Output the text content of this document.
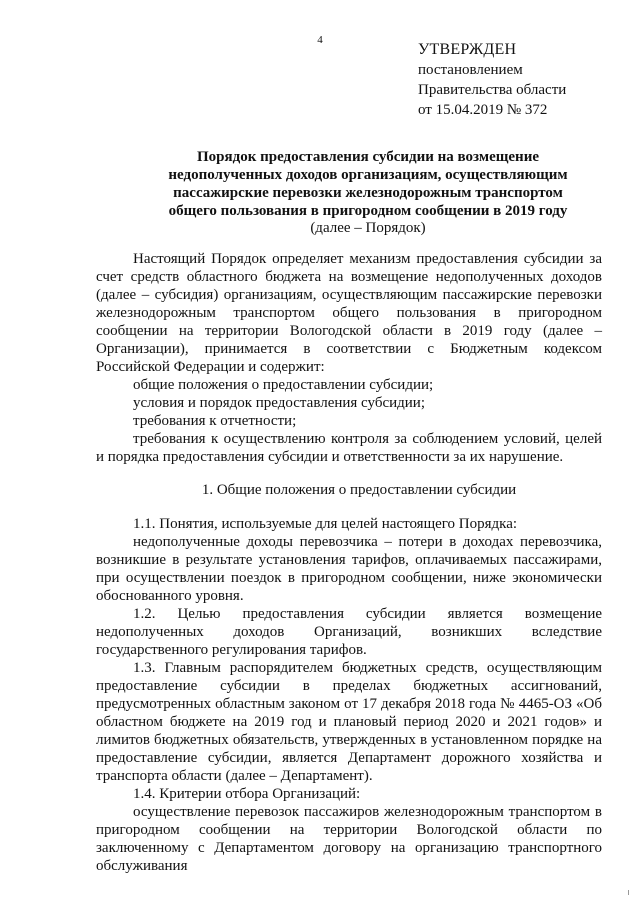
4
УТВЕРЖДЕН
постановлением
Правительства области
от 15.04.2019 № 372
Порядок предоставления субсидии на возмещение
недополученных доходов организациям, осуществляющим
пассажирские перевозки железнодорожным транспортом
общего пользования в пригородном сообщении в 2019 году
(далее – Порядок)

Настоящий Порядок определяет механизм предоставления субсидии за счет средств областного бюджета на возмещение недополученных доходов (далее – субсидия) организациям, осуществляющим пассажирские перевозки железнодорожным транспортом общего пользования в пригородном сообщении на территории Вологодской области в 2019 году (далее – Организации), принимается в соответствии с Бюджетным кодексом Российской Федерации и содержит:

общие положения о предоставлении субсидии;

условия и порядок предоставления субсидии;

требования к отчетности;

требования к осуществлению контроля за соблюдением условий, целей и порядка предоставления субсидии и ответственности за их нарушение.

1. Общие положения о предоставлении субсидии

1.1. Понятия, используемые для целей настоящего Порядка:

недополученные доходы перевозчика – потери в доходах перевозчика, возникшие в результате установления тарифов, оплачиваемых пассажирами, при осуществлении поездок в пригородном сообщении, ниже экономически обоснованного уровня.

1.2. Целью предоставления субсидии является возмещение недополученных доходов Организаций, возникших вследствие государственного регулирования тарифов.

1.3. Главным распорядителем бюджетных средств, осуществляющим предоставление субсидии в пределах бюджетных ассигнований, предусмотренных областным законом от 17 декабря 2018 года № 4465-ОЗ «Об областном бюджете на 2019 год и плановый период 2020 и 2021 годов» и лимитов бюджетных обязательств, утвержденных в установленном порядке на предоставление субсидии, является Департамент дорожного хозяйства и транспорта области (далее – Департамент).

1.4. Критерии отбора Организаций:

осуществление перевозок пассажиров железнодорожным транспортом в пригородном сообщении на территории Вологодской области по заключенному с Департаментом договору на организацию транспортного обслуживания
